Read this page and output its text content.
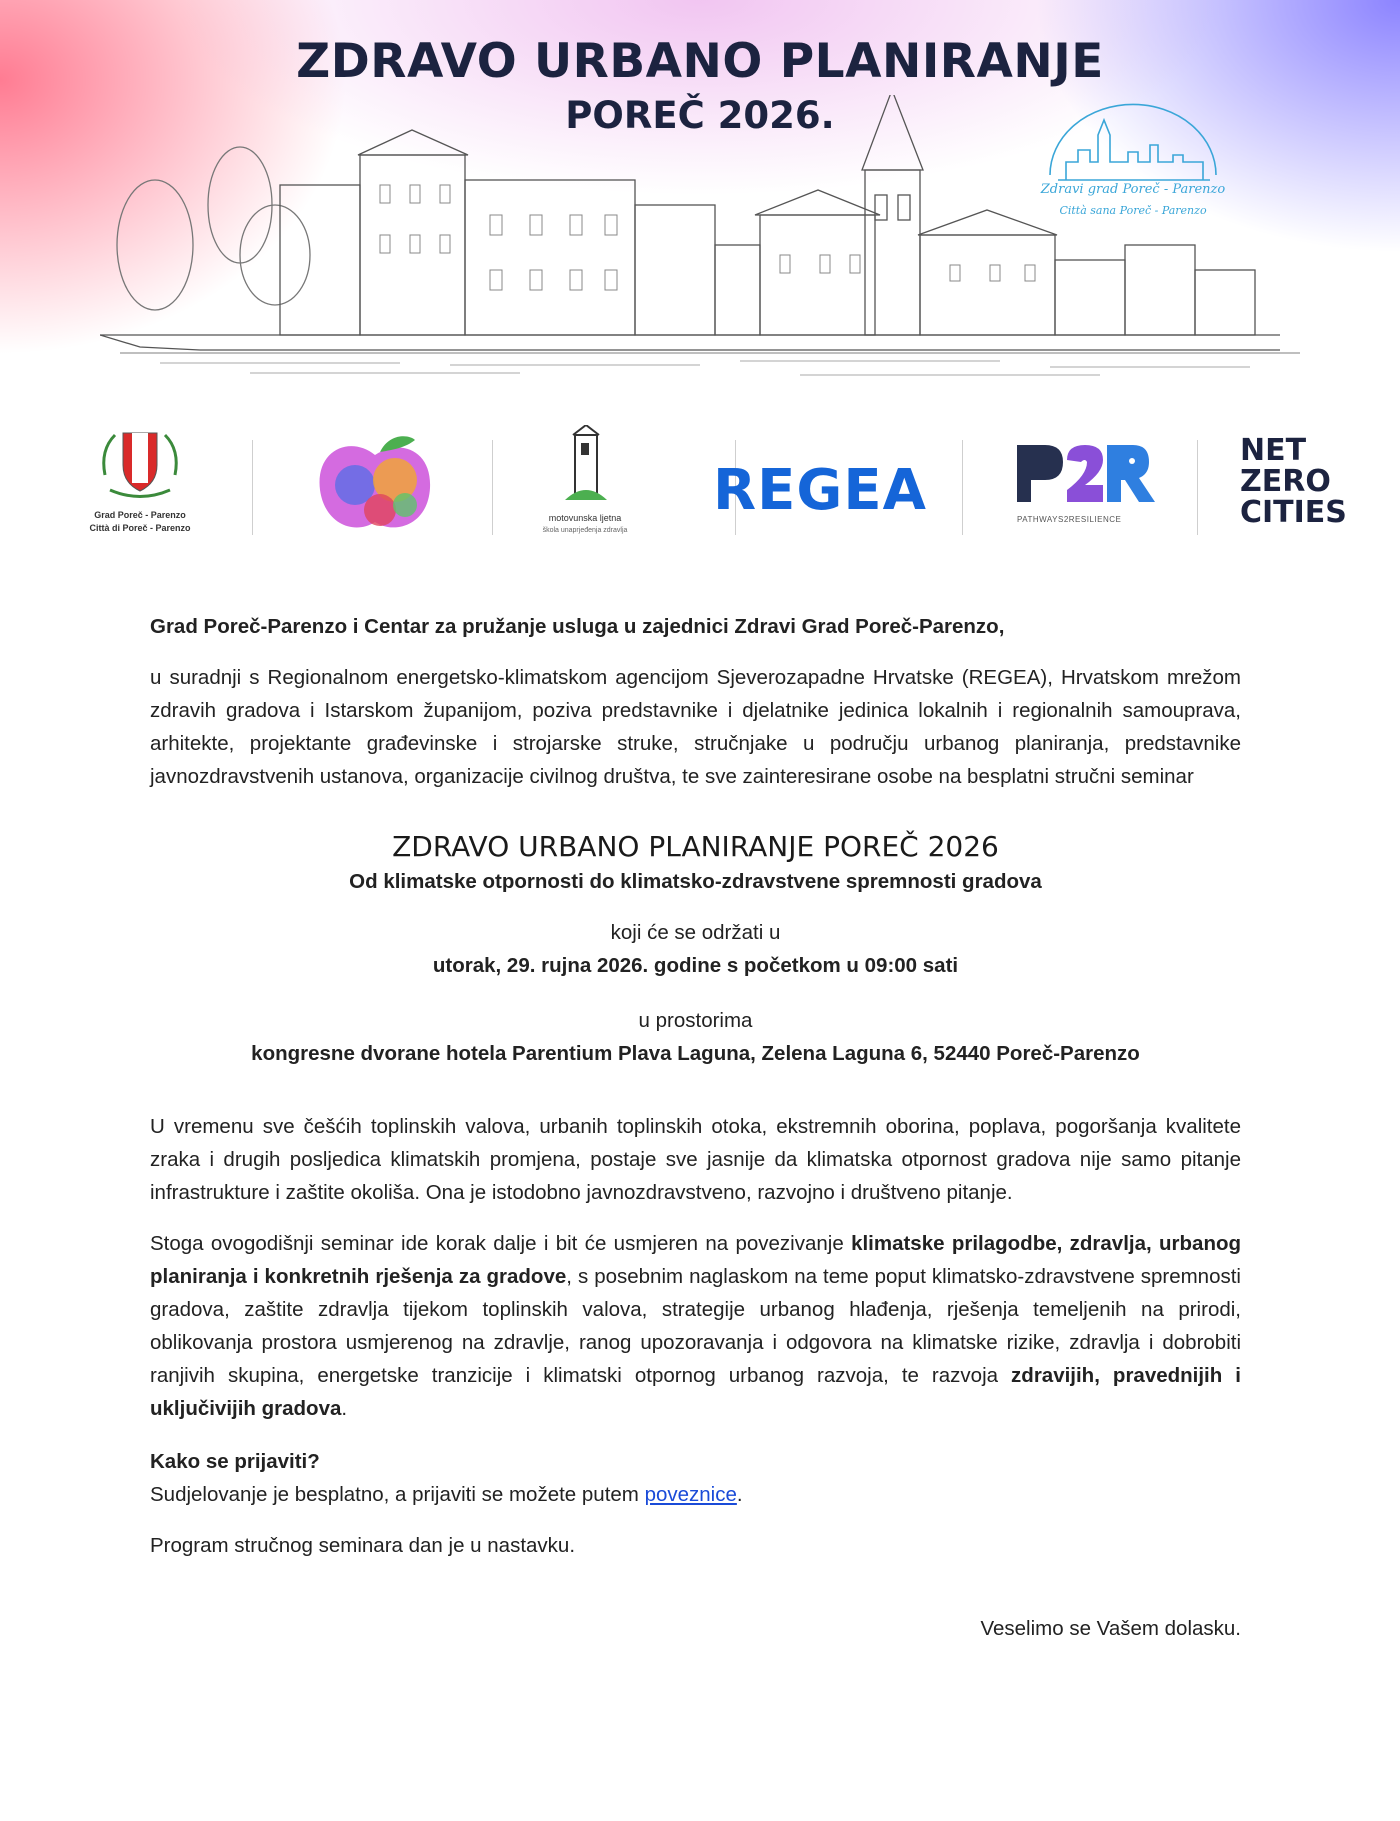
ZDRAVO URBANO PLANIRANJE
POREČ 2026.
Zdravi grad Poreč - Parenzo
Città sana Poreč - Parenzo
Grad Poreč - Parenzo
Città di Poreč - Parenzo
motovunska ljetna
škola unaprjeđenja zdravlja
REGEA	PATHWAYS2RESILIENCE
NET
ZERO
CITIES

Grad Poreč-Parenzo i Centar za pružanje usluga u zajednici Zdravi Grad Poreč-Parenzo,

u suradnji s Regionalnom energetsko-klimatskom agencijom Sjeverozapadne Hrvatske (REGEA), Hrvatskom mrežom zdravih gradova i Istarskom županijom, poziva predstavnike i djelatnike jedinica lokalnih i regionalnih samouprava, arhitekte, projektante građevinske i strojarske struke, stručnjake u području urbanog planiranja, predstavnike javnozdravstvenih ustanova, organizacije civilnog društva, te sve zainteresirane osobe na besplatni stručni seminar

ZDRAVO URBANO PLANIRANJE POREČ 2026

Od klimatske otpornosti do klimatsko-zdravstvene spremnosti gradova

koji će se održati u

utorak, 29. rujna 2026. godine s početkom u 09:00 sati

u prostorima

kongresne dvorane hotela Parentium Plava Laguna, Zelena Laguna 6, 52440 Poreč-Parenzo

U vremenu sve češćih toplinskih valova, urbanih toplinskih otoka, ekstremnih oborina, poplava, pogoršanja kvalitete zraka i drugih posljedica klimatskih promjena, postaje sve jasnije da klimatska otpornost gradova nije samo pitanje infrastrukture i zaštite okoliša. Ona je istodobno javnozdravstveno, razvojno i društveno pitanje.

Stoga ovogodišnji seminar ide korak dalje i bit će usmjeren na povezivanje klimatske prilagodbe, zdravlja, urbanog planiranja i konkretnih rješenja za gradove, s posebnim naglaskom na teme poput klimatsko-zdravstvene spremnosti gradova, zaštite zdravlja tijekom toplinskih valova, strategije urbanog hlađenja, rješenja temeljenih na prirodi, oblikovanja prostora usmjerenog na zdravlje, ranog upozoravanja i odgovora na klimatske rizike, zdravlja i dobrobiti ranjivih skupina, energetske tranzicije i klimatski otpornog urbanog razvoja, te razvoja zdravijih, pravednijih i uključivijih gradova.

Kako se prijaviti?

Sudjelovanje je besplatno, a prijaviti se možete putem poveznice.

Program stručnog seminara dan je u nastavku.

Veselimo se Vašem dolasku.
